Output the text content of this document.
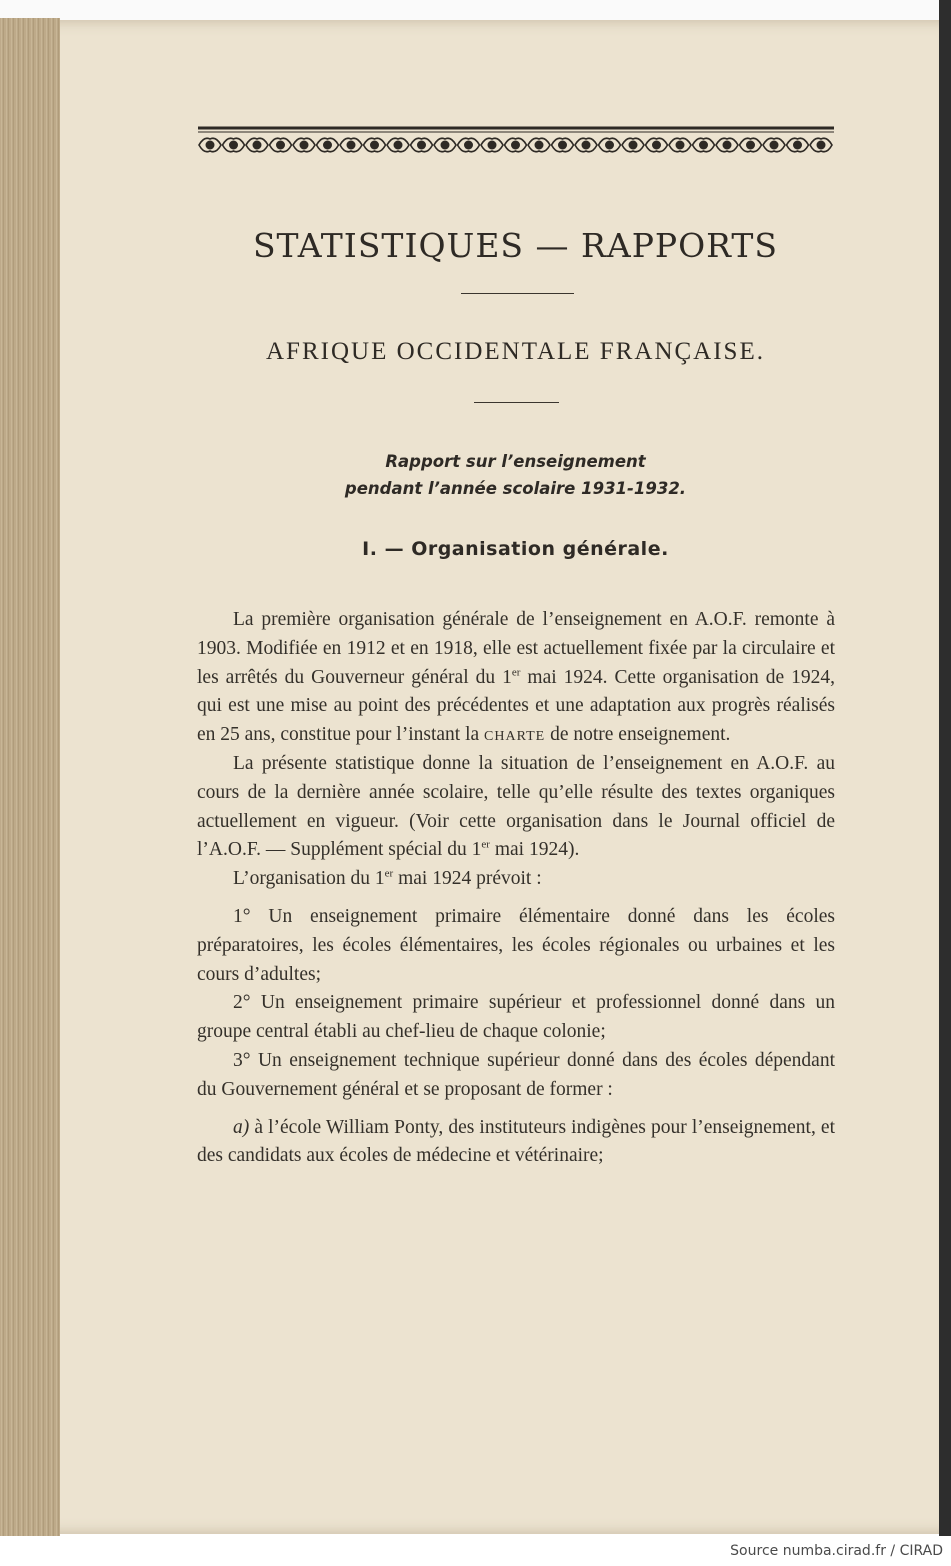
STATISTIQUES — RAPPORTS
AFRIQUE OCCIDENTALE FRANÇAISE.
Rapport sur l’enseignement
pendant l’année scolaire 1931-1932.
I. — Organisation générale.

La première organisation générale de l’enseignement en A.O.F. remonte à 1903. Modifiée en 1912 et en 1918, elle est actuellement fixée par la circulaire et les arrêtés du Gouverneur général du 1er mai 1924. Cette organisation de 1924, qui est une mise au point des précédentes et une adaptation aux progrès réalisés en 25 ans, constitue pour l’instant la charte de notre enseignement.

La présente statistique donne la situation de l’enseignement en A.O.F. au cours de la dernière année scolaire, telle qu’elle résulte des textes organiques actuellement en vigueur. (Voir cette organisation dans le Journal officiel de l’A.O.F. — Supplément spécial du 1er mai 1924).

L’organisation du 1er mai 1924 prévoit :

1° Un enseignement primaire élémentaire donné dans les écoles préparatoires, les écoles élémentaires, les écoles régionales ou urbaines et les cours d’adultes;

2° Un enseignement primaire supérieur et professionnel donné dans un groupe central établi au chef-lieu de chaque colonie;

3° Un enseignement technique supérieur donné dans des écoles dépendant du Gouvernement général et se proposant de former :

a) à l’école William Ponty, des instituteurs indigènes pour l’enseignement, et des candidats aux écoles de médecine et vétérinaire;

Source numba.cirad.fr / CIRAD
